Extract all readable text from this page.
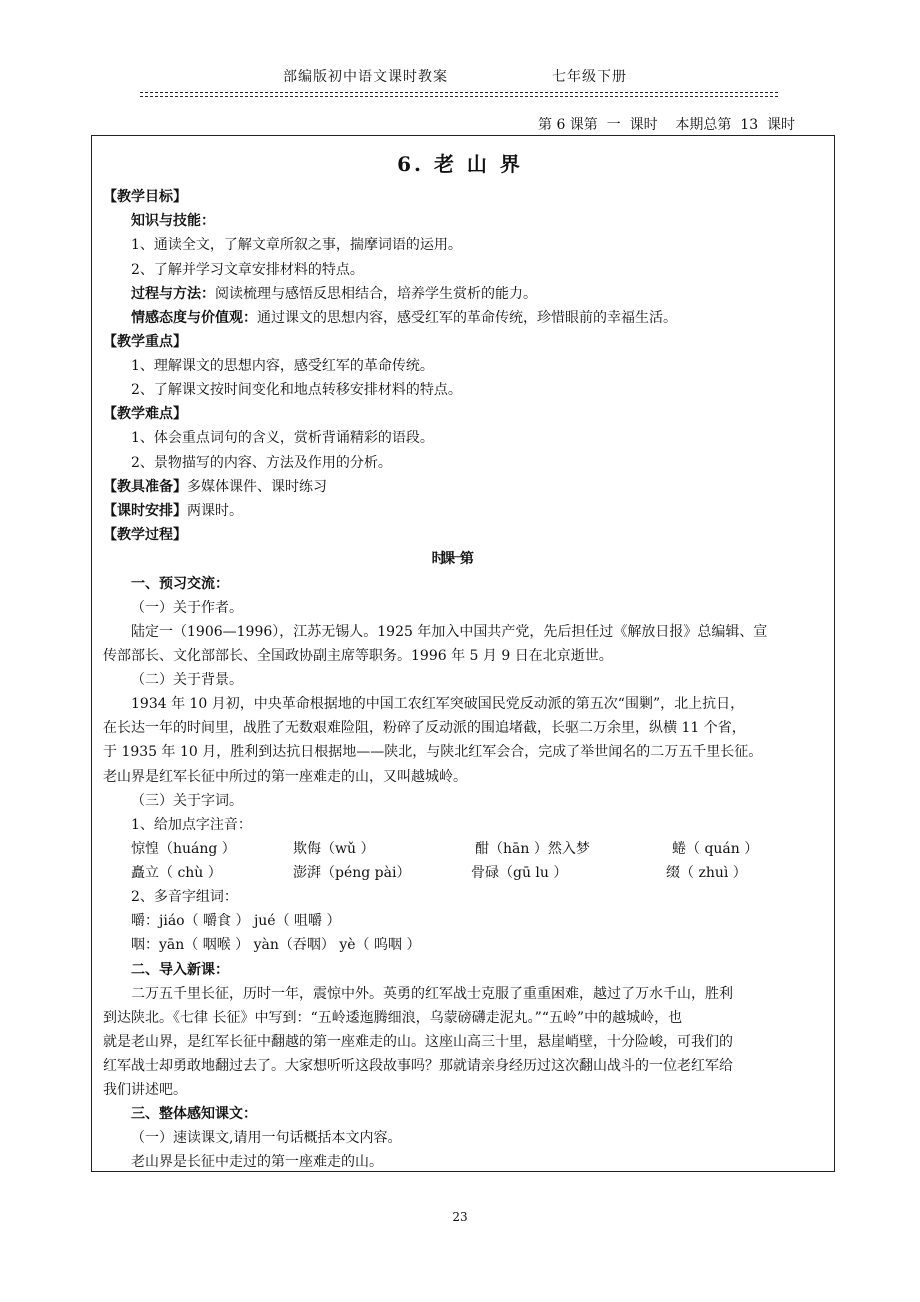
部编版初中语文课时教案	七年级下册
第 6 课第  一  课时    本期总第  13  课时
6. 老 山 界
【教学目标】
知识与技能：
1、通读全文，了解文章所叙之事，揣摩词语的运用。
2、了解并学习文章安排材料的特点。
过程与方法：阅读梳理与感悟反思相结合，培养学生赏析的能力。
情感态度与价值观：通过课文的思想内容，感受红军的革命传统，珍惜眼前的幸福生活。
【教学重点】
1、理解课文的思想内容，感受红军的革命传统。
2、了解课文按时间变化和地点转移安排材料的特点。
【教学难点】
1、体会重点词句的含义，赏析背诵精彩的语段。
2、景物描写的内容、方法及作用的分析。
【教具准备】多媒体课件、课时练习
【课时安排】两课时。
【教学过程】
一、预习交流：
（一）关于作者。
陆定一（1906—1996），江苏无锡人。1925 年加入中国共产党，先后担任过《解放日报》总编辑、宣
传部部长、文化部部长、全国政协副主席等职务。1996 年 5 月 9 日在北京逝世。
（二）关于背景。
1934 年 10 月初，中央革命根据地的中国工农红军突破国民党反动派的第五次“围剿”，北上抗日，
在长达一年的时间里，战胜了无数艰难险阻，粉碎了反动派的围追堵截，长驱二万余里，纵横 11 个省，
于 1935 年 10 月，胜利到达抗日根据地——陕北，与陕北红军会合，完成了举世闻名的二万五千里长征。
老山界是红军长征中所过的第一座难走的山，又叫越城岭。
（三）关于字词。
1、给加点字注音：
惊惶（huáng ）	欺侮（wǔ ）	酣（hān ）然入梦	蜷（ quán ）
矗立（ chù ）	澎湃（péng pài）	骨碌（gū lu ）	缀（ zhuì ）
2、多音字组词：
嚼：jiáo（ 嚼食 ） jué（ 咀嚼 ）
咽：yān（ 咽喉 ） yàn（吞咽） yè（ 呜咽 ）
二、导入新课：
二万五千里长征，历时一年，震惊中外。英勇的红军战士克服了重重困难，越过了万水千山，胜利
到达陕北。《七律 长征》中写到：“五岭逶迤腾细浪，乌蒙磅礴走泥丸。”“五岭”中的越城岭，也
就是老山界，是红军长征中翻越的第一座难走的山。这座山高三十里，悬崖峭壁，十分险峻，可我们的
红军战士却勇敢地翻过去了。大家想听听这段故事吗？那就请亲身经历过这次翻山战斗的一位老红军给
我们讲述吧。
三、整体感知课文：
（一）速读课文,请用一句话概括本文内容。
老山界是长征中走过的第一座难走的山。
23
